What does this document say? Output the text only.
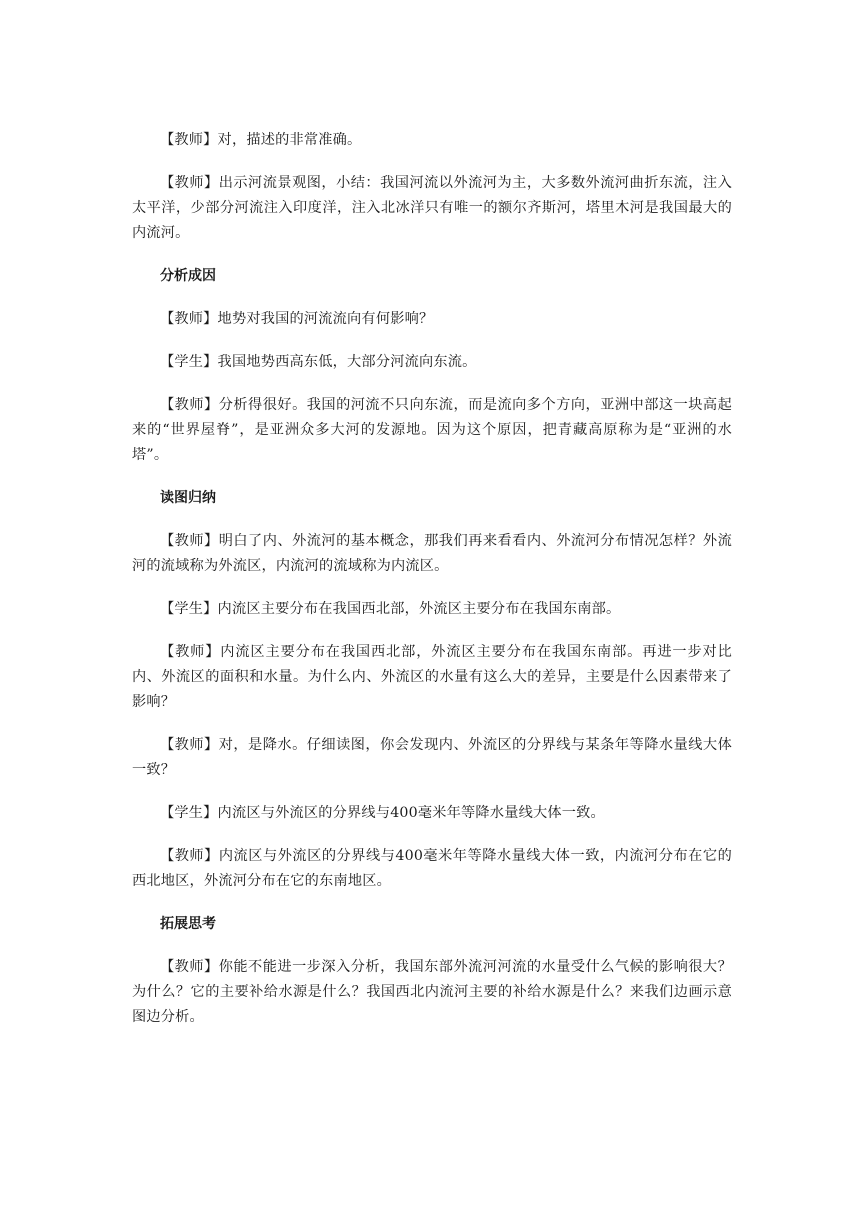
【教师】对，描述的非常准确。

【教师】出示河流景观图，小结：我国河流以外流河为主，大多数外流河曲折东流，注入太平洋，少部分河流注入印度洋，注入北冰洋只有唯一的额尔齐斯河，塔里木河是我国最大的内流河。

分析成因

【教师】地势对我国的河流流向有何影响？

【学生】我国地势西高东低，大部分河流向东流。

【教师】分析得很好。我国的河流不只向东流，而是流向多个方向，亚洲中部这一块高起来的“世界屋脊”，是亚洲众多大河的发源地。因为这个原因，把青藏高原称为是“亚洲的水塔”。

读图归纳

【教师】明白了内、外流河的基本概念，那我们再来看看内、外流河分布情况怎样？外流河的流域称为外流区，内流河的流域称为内流区。

【学生】内流区主要分布在我国西北部，外流区主要分布在我国东南部。

【教师】内流区主要分布在我国西北部，外流区主要分布在我国东南部。再进一步对比内、外流区的面积和水量。为什么内、外流区的水量有这么大的差异，主要是什么因素带来了影响？

【教师】对，是降水。仔细读图，你会发现内、外流区的分界线与某条年等降水量线大体一致？

【学生】内流区与外流区的分界线与400毫米年等降水量线大体一致。

【教师】内流区与外流区的分界线与400毫米年等降水量线大体一致，内流河分布在它的西北地区，外流河分布在它的东南地区。

拓展思考

【教师】你能不能进一步深入分析，我国东部外流河河流的水量受什么气候的影响很大？为什么？它的主要补给水源是什么？我国西北内流河主要的补给水源是什么？来我们边画示意图边分析。
